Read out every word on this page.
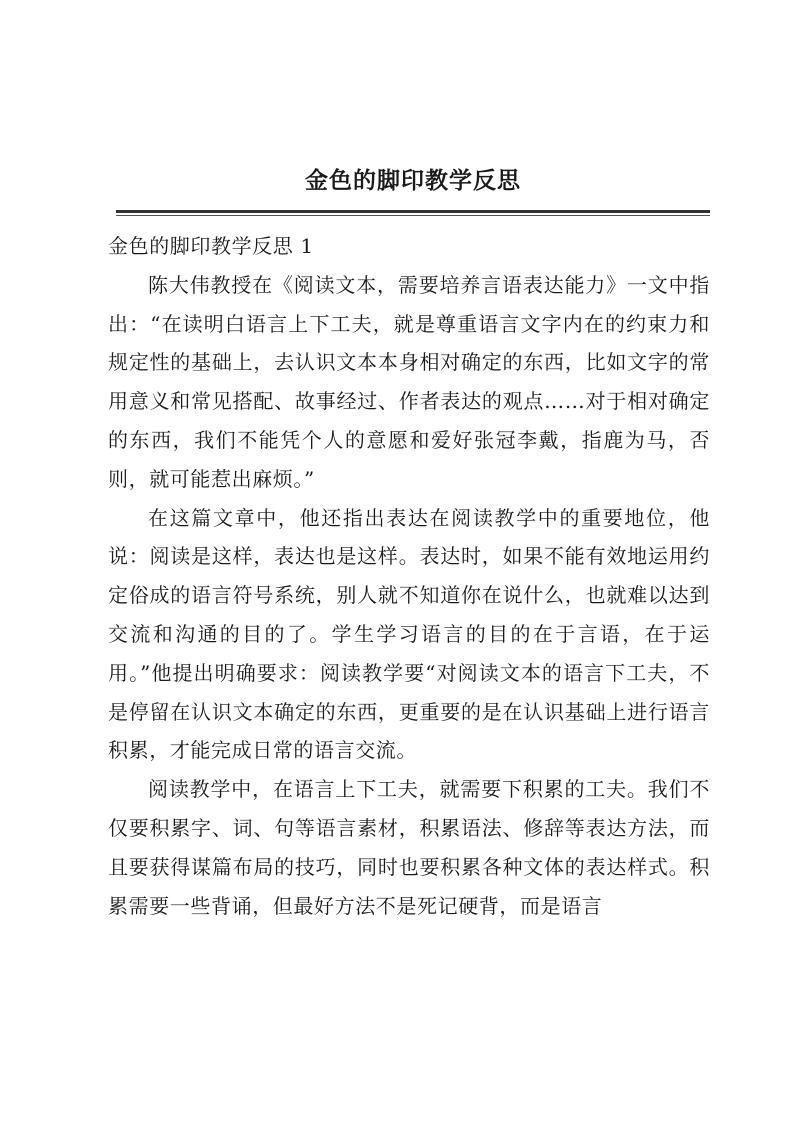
金色的脚印教学反思

金色的脚印教学反思 1

陈大伟教授在《阅读文本，需要培养言语表达能力》一文中指出：“在读明白语言上下工夫，就是尊重语言文字内在的约束力和规定性的基础上，去认识文本本身相对确定的东西，比如文字的常用意义和常见搭配、故事经过、作者表达的观点……对于相对确定的东西，我们不能凭个人的意愿和爱好张冠李戴，指鹿为马，否则，就可能惹出麻烦。”

在这篇文章中，他还指出表达在阅读教学中的重要地位，他说：阅读是这样，表达也是这样。表达时，如果不能有效地运用约定俗成的语言符号系统，别人就不知道你在说什么，也就难以达到交流和沟通的目的了。学生学习语言的目的在于言语，在于运用。”他提出明确要求：阅读教学要“对阅读文本的语言下工夫，不是停留在认识文本确定的东西，更重要的是在认识基础上进行语言积累，才能完成日常的语言交流。

阅读教学中，在语言上下工夫，就需要下积累的工夫。我们不仅要积累字、词、句等语言素材，积累语法、修辞等表达方法，而且要获得谋篇布局的技巧，同时也要积累各种文体的表达样式。积累需要一些背诵，但最好方法不是死记硬背，而是语言
